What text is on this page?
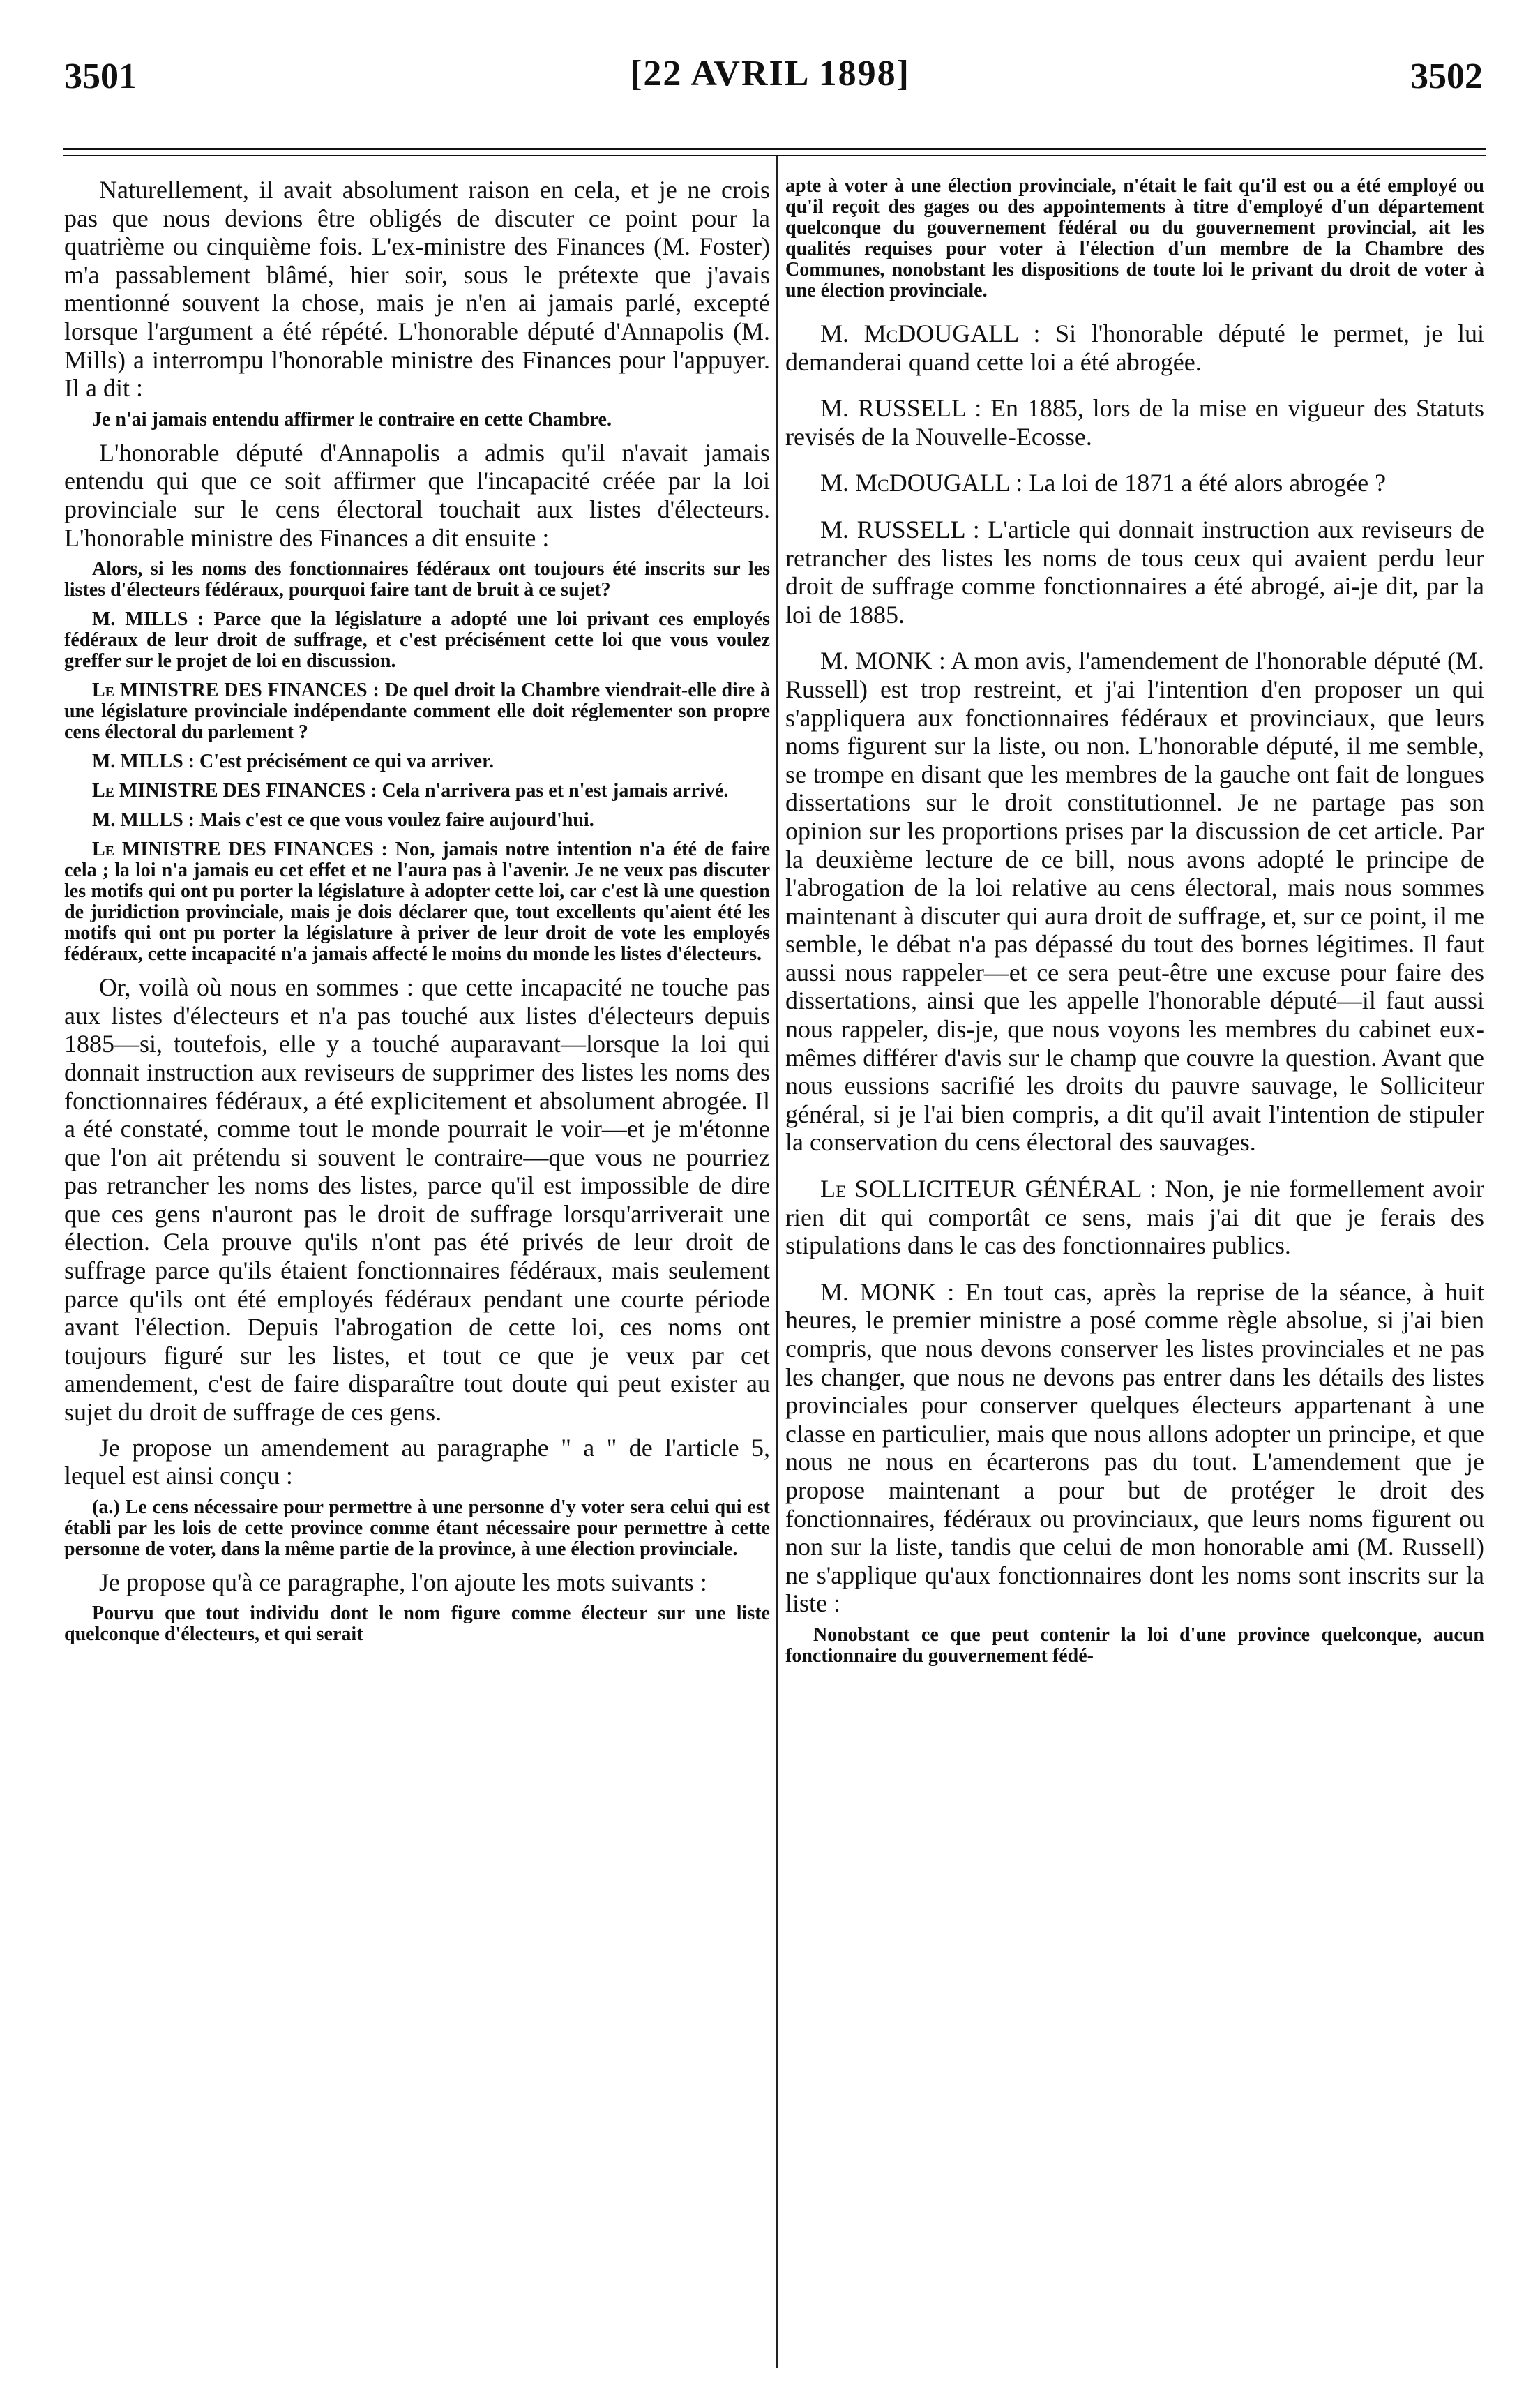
3501	[22 AVRIL 1898]	3502

Naturellement, il avait absolument raison en cela, et je ne crois pas que nous devions être obligés de discuter ce point pour la quatrième ou cinquième fois. L'ex-ministre des Finances (M. Foster) m'a passablement blâmé, hier soir, sous le prétexte que j'avais mentionné souvent la chose, mais je n'en ai jamais parlé, excepté lorsque l'argument a été répété. L'honorable député d'Annapolis (M. Mills) a interrompu l'honorable ministre des Finances pour l'appuyer. Il a dit :

Je n'ai jamais entendu affirmer le contraire en cette Chambre.

L'honorable député d'Annapolis a admis qu'il n'avait jamais entendu qui que ce soit affirmer que l'incapacité créée par la loi provinciale sur le cens électoral touchait aux listes d'électeurs. L'honorable ministre des Finances a dit ensuite :

Alors, si les noms des fonctionnaires fédéraux ont toujours été inscrits sur les listes d'électeurs fédéraux, pourquoi faire tant de bruit à ce sujet?

M. MILLS : Parce que la législature a adopté une loi privant ces employés fédéraux de leur droit de suffrage, et c'est précisément cette loi que vous voulez greffer sur le projet de loi en discussion.

Le MINISTRE DES FINANCES : De quel droit la Chambre viendrait-elle dire à une législature provinciale indépendante comment elle doit réglementer son propre cens électoral du parlement ?

M. MILLS : C'est précisément ce qui va arriver.

Le MINISTRE DES FINANCES : Cela n'arrivera pas et n'est jamais arrivé.

M. MILLS : Mais c'est ce que vous voulez faire aujourd'hui.

Le MINISTRE DES FINANCES : Non, jamais notre intention n'a été de faire cela ; la loi n'a jamais eu cet effet et ne l'aura pas à l'avenir. Je ne veux pas discuter les motifs qui ont pu porter la législature à adopter cette loi, car c'est là une question de juridiction provinciale, mais je dois déclarer que, tout excellents qu'aient été les motifs qui ont pu porter la législature à priver de leur droit de vote les employés fédéraux, cette incapacité n'a jamais affecté le moins du monde les listes d'électeurs.

Or, voilà où nous en sommes : que cette incapacité ne touche pas aux listes d'électeurs et n'a pas touché aux listes d'électeurs depuis 1885—si, toutefois, elle y a touché auparavant—lorsque la loi qui donnait instruction aux reviseurs de supprimer des listes les noms des fonctionnaires fédéraux, a été explicitement et absolument abrogée. Il a été constaté, comme tout le monde pourrait le voir—et je m'étonne que l'on ait prétendu si souvent le contraire—que vous ne pourriez pas retrancher les noms des listes, parce qu'il est impossible de dire que ces gens n'auront pas le droit de suffrage lorsqu'arriverait une élection. Cela prouve qu'ils n'ont pas été privés de leur droit de suffrage parce qu'ils étaient fonctionnaires fédéraux, mais seulement parce qu'ils ont été employés fédéraux pendant une courte période avant l'élection. Depuis l'abrogation de cette loi, ces noms ont toujours figuré sur les listes, et tout ce que je veux par cet amendement, c'est de faire disparaître tout doute qui peut exister au sujet du droit de suffrage de ces gens.

Je propose un amendement au paragraphe " a " de l'article 5, lequel est ainsi conçu :

(a.) Le cens nécessaire pour permettre à une personne d'y voter sera celui qui est établi par les lois de cette province comme étant nécessaire pour permettre à cette personne de voter, dans la même partie de la province, à une élection provinciale.

Je propose qu'à ce paragraphe, l'on ajoute les mots suivants :

Pourvu que tout individu dont le nom figure comme électeur sur une liste quelconque d'électeurs, et qui serait

apte à voter à une élection provinciale, n'était le fait qu'il est ou a été employé ou qu'il reçoit des gages ou des appointements à titre d'employé d'un département quelconque du gouvernement fédéral ou du gouvernement provincial, ait les qualités requises pour voter à l'élection d'un membre de la Chambre des Communes, nonobstant les dispositions de toute loi le privant du droit de voter à une élection provinciale.

M. McDOUGALL : Si l'honorable député le permet, je lui demanderai quand cette loi a été abrogée.

M. RUSSELL : En 1885, lors de la mise en vigueur des Statuts revisés de la Nouvelle-Ecosse.

M. McDOUGALL : La loi de 1871 a été alors abrogée ?

M. RUSSELL : L'article qui donnait instruction aux reviseurs de retrancher des listes les noms de tous ceux qui avaient perdu leur droit de suffrage comme fonctionnaires a été abrogé, ai-je dit, par la loi de 1885.

M. MONK : A mon avis, l'amendement de l'honorable député (M. Russell) est trop restreint, et j'ai l'intention d'en proposer un qui s'appliquera aux fonctionnaires fédéraux et provinciaux, que leurs noms figurent sur la liste, ou non. L'honorable député, il me semble, se trompe en disant que les membres de la gauche ont fait de longues dissertations sur le droit constitutionnel. Je ne partage pas son opinion sur les proportions prises par la discussion de cet article. Par la deuxième lecture de ce bill, nous avons adopté le principe de l'abrogation de la loi relative au cens électoral, mais nous sommes maintenant à discuter qui aura droit de suffrage, et, sur ce point, il me semble, le débat n'a pas dépassé du tout des bornes légitimes. Il faut aussi nous rappeler—et ce sera peut-être une excuse pour faire des dissertations, ainsi que les appelle l'honorable député—il faut aussi nous rappeler, dis-je, que nous voyons les membres du cabinet eux-mêmes différer d'avis sur le champ que couvre la question. Avant que nous eussions sacrifié les droits du pauvre sauvage, le Solliciteur général, si je l'ai bien compris, a dit qu'il avait l'intention de stipuler la conservation du cens électoral des sauvages.

Le SOLLICITEUR GÉNÉRAL : Non, je nie formellement avoir rien dit qui comportât ce sens, mais j'ai dit que je ferais des stipulations dans le cas des fonctionnaires publics.

M. MONK : En tout cas, après la reprise de la séance, à huit heures, le premier ministre a posé comme règle absolue, si j'ai bien compris, que nous devons conserver les listes provinciales et ne pas les changer, que nous ne devons pas entrer dans les détails des listes provinciales pour conserver quelques électeurs appartenant à une classe en particulier, mais que nous allons adopter un principe, et que nous ne nous en écarterons pas du tout. L'amendement que je propose maintenant a pour but de protéger le droit des fonctionnaires, fédéraux ou provinciaux, que leurs noms figurent ou non sur la liste, tandis que celui de mon honorable ami (M. Russell) ne s'applique qu'aux fonctionnaires dont les noms sont inscrits sur la liste :

Nonobstant ce que peut contenir la loi d'une province quelconque, aucun fonctionnaire du gouvernement fédé-
